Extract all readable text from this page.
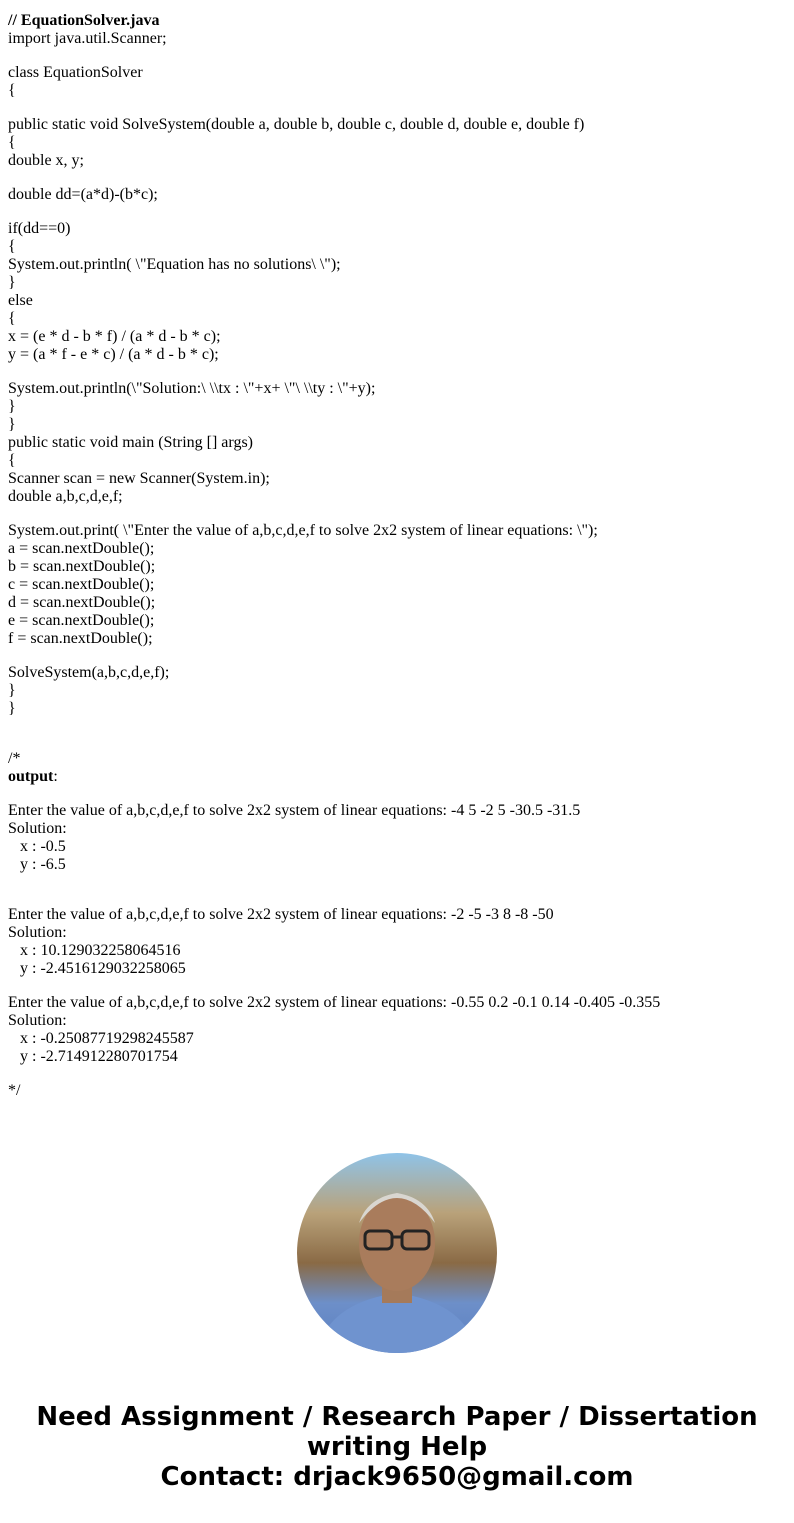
// EquationSolver.java
import java.util.Scanner;
class EquationSolver
{
public static void SolveSystem(double a, double b, double c, double d, double e, double f)
{
double x, y;
double dd=(a*d)-(b*c);
if(dd==0)
{
System.out.println( \"Equation has no solutions\ \");
}
else
{
x = (e * d - b * f) / (a * d - b * c);
y = (a * f - e * c) / (a * d - b * c);
System.out.println(\"Solution:\ \\tx : \"+x+ \"\ \\ty : \"+y);
}
}
public static void main (String [] args)
{
Scanner scan = new Scanner(System.in);
double a,b,c,d,e,f;
System.out.print( \"Enter the value of a,b,c,d,e,f to solve 2x2 system of linear equations: \");
a = scan.nextDouble();
b = scan.nextDouble();
c = scan.nextDouble();
d = scan.nextDouble();
e = scan.nextDouble();
f = scan.nextDouble();
SolveSystem(a,b,c,d,e,f);
}
}
/*
output:
Enter the value of a,b,c,d,e,f to solve 2x2 system of linear equations: -4 5 -2 5 -30.5 -31.5
Solution:
x : -0.5
y : -6.5
Enter the value of a,b,c,d,e,f to solve 2x2 system of linear equations: -2 -5 -3 8 -8 -50
Solution:
x : 10.129032258064516
y : -2.4516129032258065
Enter the value of a,b,c,d,e,f to solve 2x2 system of linear equations: -0.55 0.2 -0.1 0.14 -0.405 -0.355
Solution:
x : -0.25087719298245587
y : -2.714912280701754
*/
Need Assignment / Research Paper / Dissertation
writing Help
Contact: drjack9650@gmail.com
